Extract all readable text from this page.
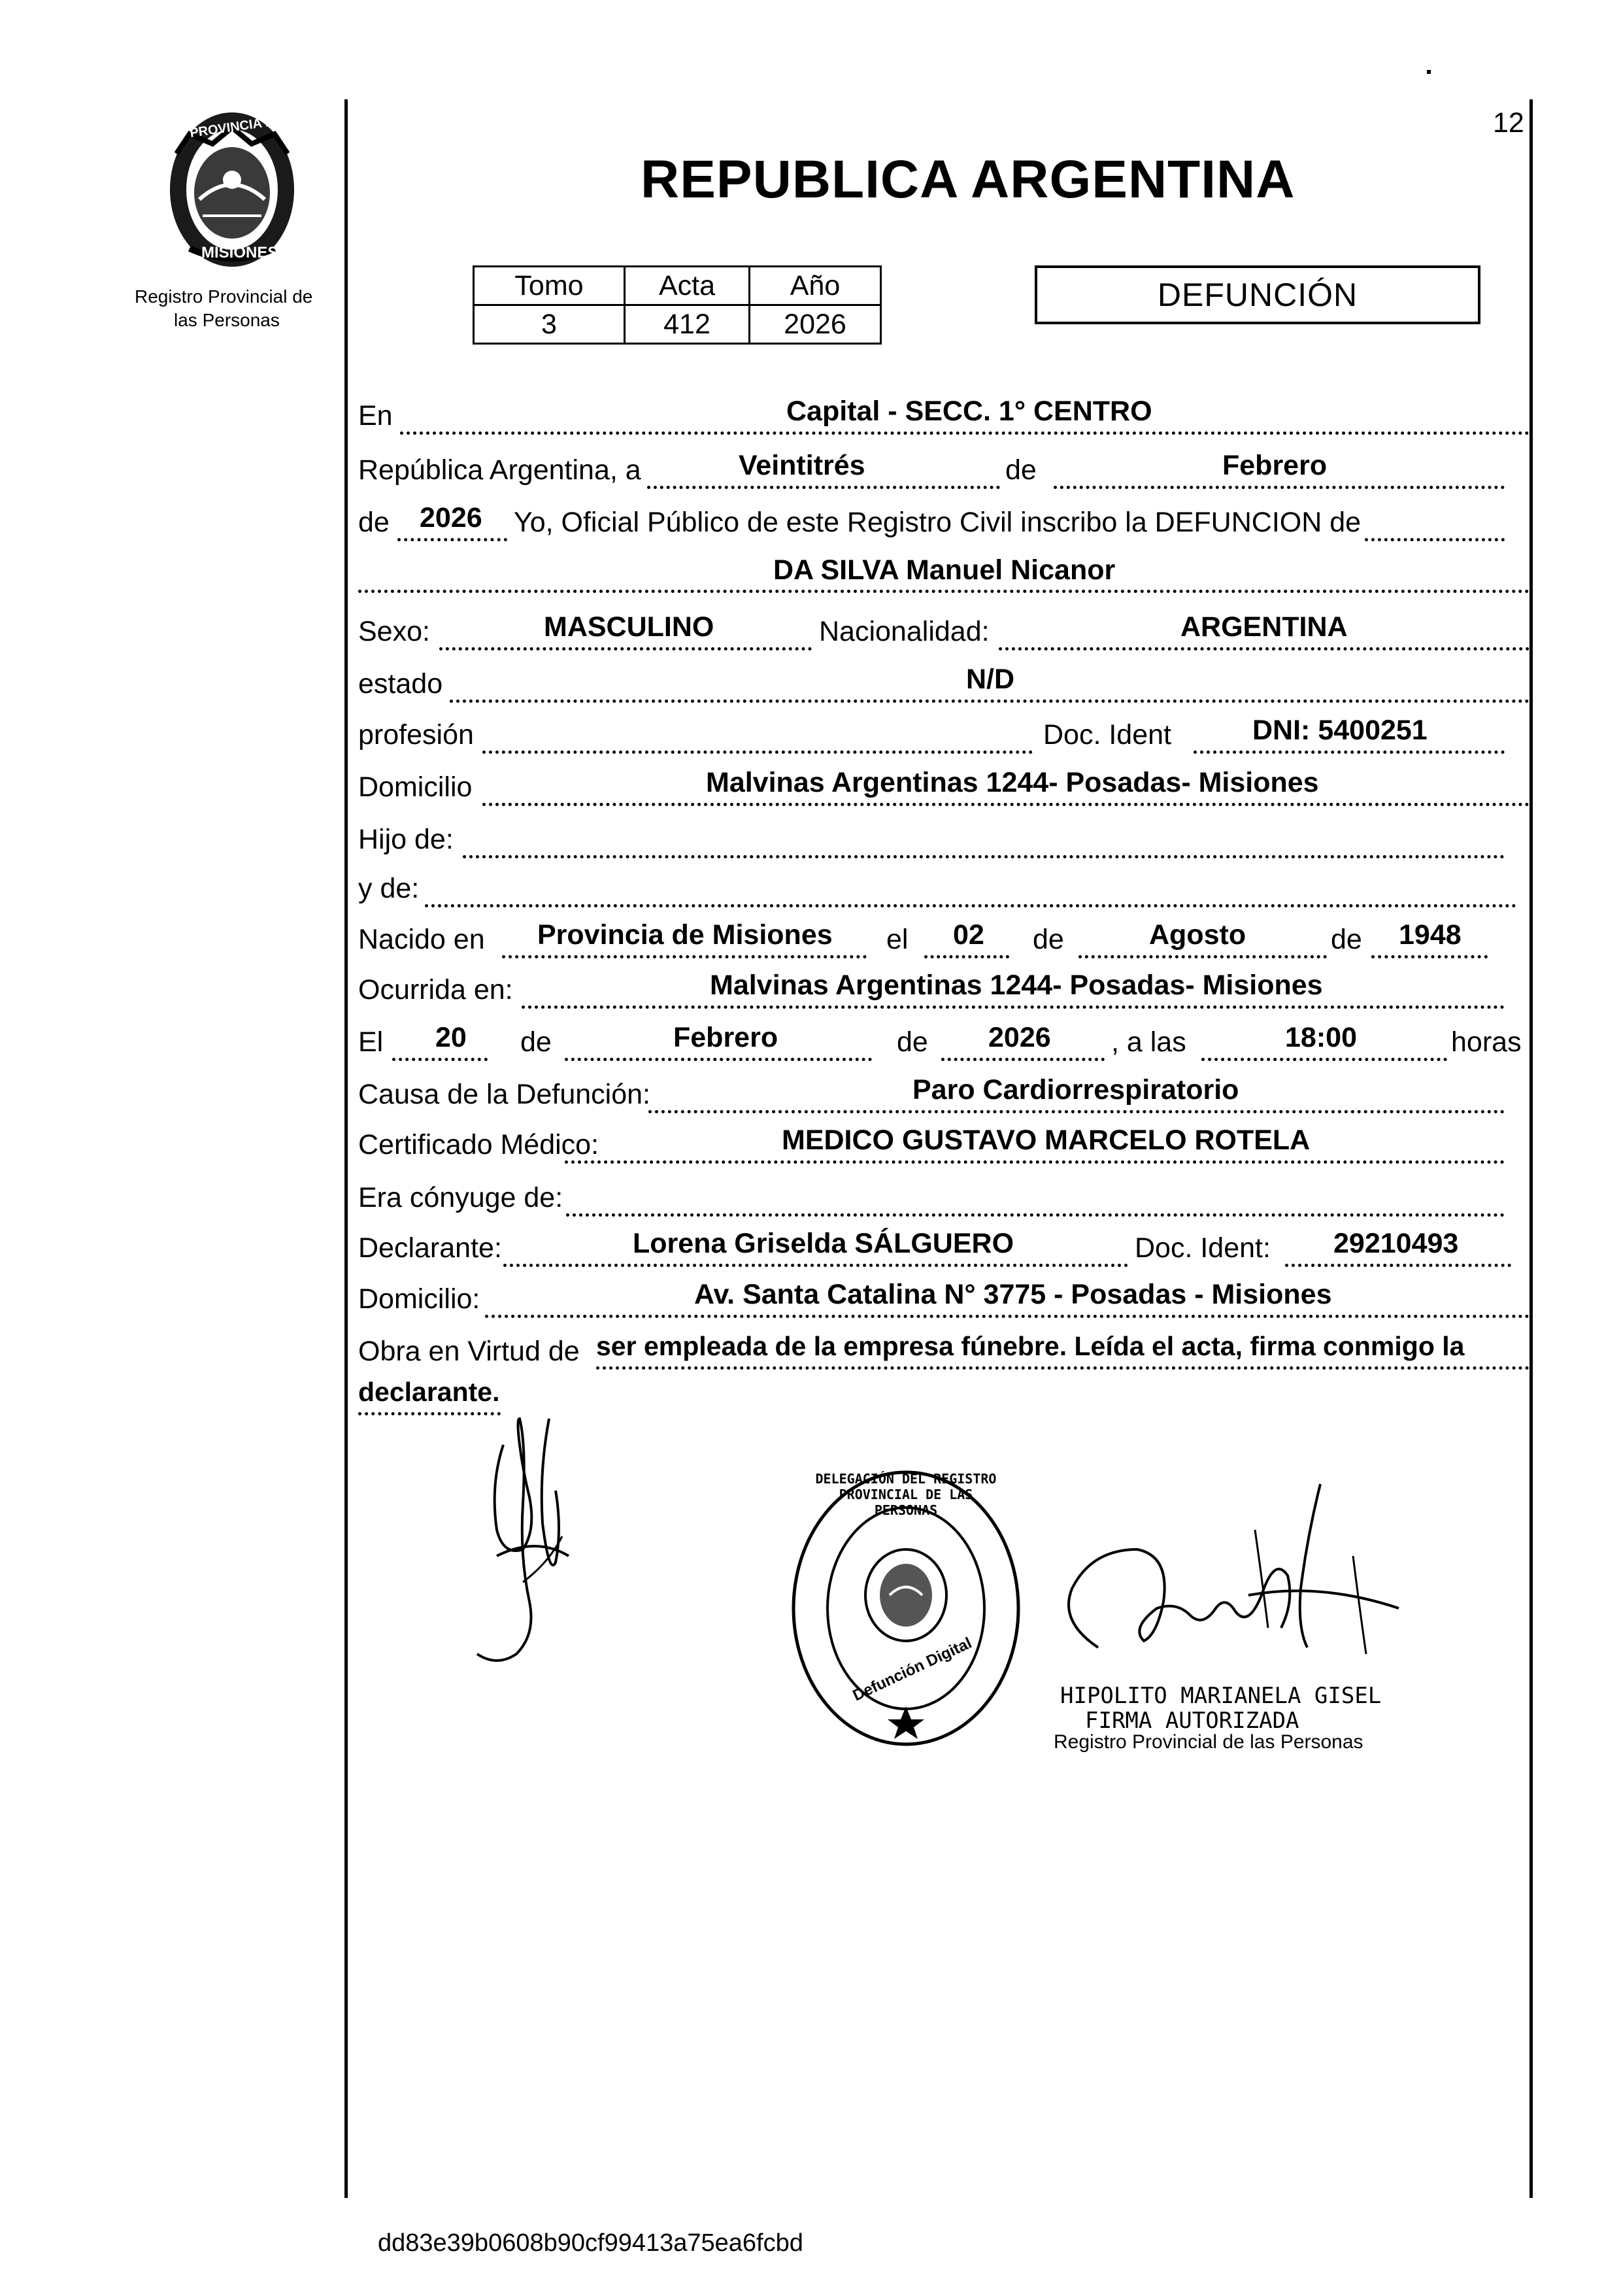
12
PROVINCIA DE
MISIONES
Registro Provincial de
las Personas
REPUBLICA ARGENTINA
Tomo	Acta	Año
3	412	2026
DEFUNCIÓN
En	Capital - SECC. 1° CENTRO
República Argentina, a	Veintitrés	de	Febrero
de 2026 Yo, Oficial Público de este Registro Civil inscribo la DEFUNCION de
DA SILVA Manuel Nicanor
Sexo:	MASCULINO	Nacionalidad:	ARGENTINA
estado	N/D
profesión	Doc. Ident	DNI: 5400251
Domicilio	Malvinas Argentinas 1244- Posadas- Misiones
Hijo de:
y de:
Nacido en Provincia de Misiones el 02 de	Agosto	de 1948
Ocurrida en:	Malvinas Argentinas 1244- Posadas- Misiones
El 20 de	Febrero	de 2026 , a las	18:00	horas
Causa de la Defunción:	Paro Cardiorrespiratorio
Certificado Médico:	MEDICO GUSTAVO MARCELO ROTELA
Era cónyuge de:
Declarante:	Lorena Griselda SÁLGUERO	Doc. Ident: 29210493
Domicilio:	Av. Santa Catalina N° 3775 - Posadas - Misiones
Obra en Virtud de ser empleada de la empresa fúnebre. Leída el acta, firma conmigo la
declarante.
DELEGACIÓN DEL REGISTRO PROVINCIAL DE LAS PERSONAS
Defunción Digital	HIPOLITO MARIANELA GISEL
FIRMA AUTORIZADA
Registro Provincial de las Personas
dd83e39b0608b90cf99413a75ea6fcbd
